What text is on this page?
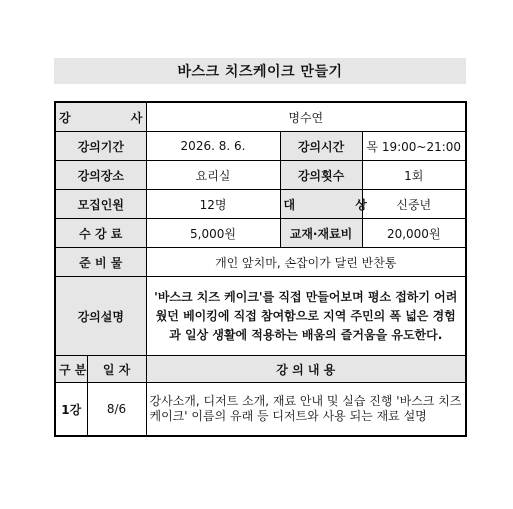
바스크 치즈케이크 만들기
강 사		명수연		
강의기간		2026. 8. 6.	강의시간	목 19:00~21:00
강의장소		요리실	강의횟수	1회
모집인원		12명	대 상	신중년
수 강 료		5,000원	교재·재료비	20,000원
준 비 물		개인 앞치마, 손잡이가 달린 반찬통		
강의설명		'바스크 치즈 케이크'를 직접 만들어보며 평소 접하기 어려웠던 베이킹에 직접 참여함으로 지역 주민의 폭 넓은 경험과 일상 생활에 적용하는 배움의 즐거움을 유도한다.		
구 분	일 자	강 의 내 용		
1강	8/6	강사소개, 디저트 소개, 재료 안내 및 실습 진행 '바스크 치즈 케이크' 이름의 유래 등 디저트와 사용 되는 재료 설명		
